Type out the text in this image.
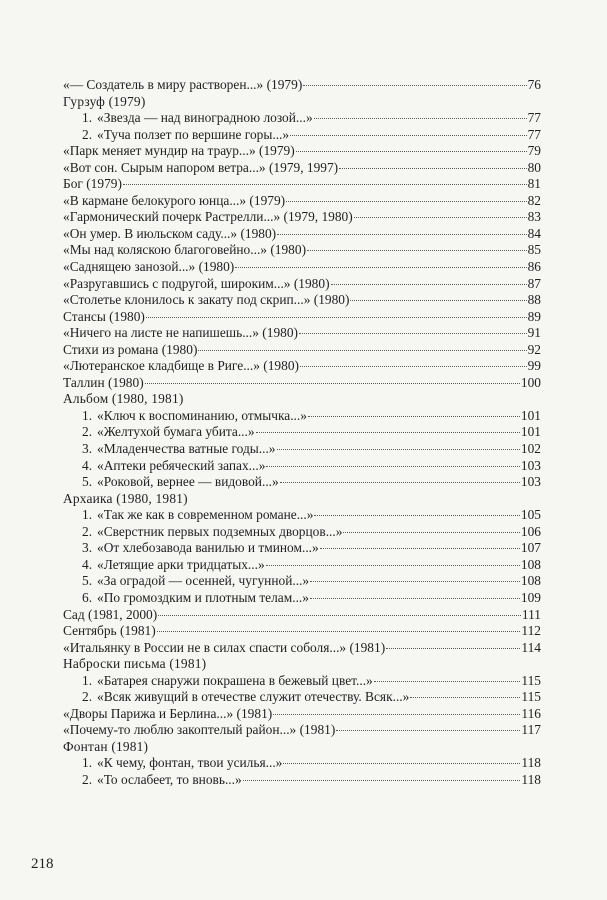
«— Создатель в миру растворен...» (1979)	76
Гурзуф (1979)
1. «Звезда — над виноградною лозой...»	77
2. «Туча ползет по вершине горы...»	77
«Парк меняет мундир на траур...» (1979)	79
«Вот сон. Сырым напором ветра...» (1979, 1997)	80
Бог (1979)	81
«В кармане белокурого юнца...» (1979)	82
«Гармонический почерк Растрелли...» (1979, 1980)	83
«Он умер. В июльском саду...» (1980)	84
«Мы над коляскою благоговейно...» (1980)	85
«Саднящею занозой...» (1980)	86
«Разругавшись с подругой, широким...» (1980)	87
«Столетье клонилось к закату под скрип...» (1980)	88
Стансы (1980)	89
«Ничего на листе не напишешь...» (1980)	91
Стихи из романа (1980)	92
«Лютеранское кладбище в Риге...» (1980)	99
Таллин (1980)	100
Альбом (1980, 1981)
1. «Ключ к воспоминанию, отмычка...»	101
2. «Желтухой бумага убита...»	101
3. «Младенчества ватные годы...»	102
4. «Аптеки ребяческий запах...»	103
5. «Роковой, вернее — видовой...»	103
Архаика (1980, 1981)
1. «Так же как в современном романе...»	105
2. «Сверстник первых подземных дворцов...»	106
3. «От хлебозавода ванилью и тмином...»	107
4. «Летящие арки тридцатых...»	108
5. «За оградой — осенней, чугунной...»	108
6. «По громоздким и плотным телам...»	109
Сад (1981, 2000)	111
Сентябрь (1981)	112
«Итальянку в России не в силах спасти соболя...» (1981)	114
Наброски письма (1981)
1. «Батарея снаружи покрашена в бежевый цвет...»	115
2. «Всяк живущий в отечестве служит отечеству. Всяк...»	115
«Дворы Парижа и Берлина...» (1981)	116
«Почему-то люблю закоптелый район...» (1981)	117
Фонтан (1981)
1. «К чему, фонтан, твои усилья...»	118
2. «То ослабеет, то вновь...»	118
218
